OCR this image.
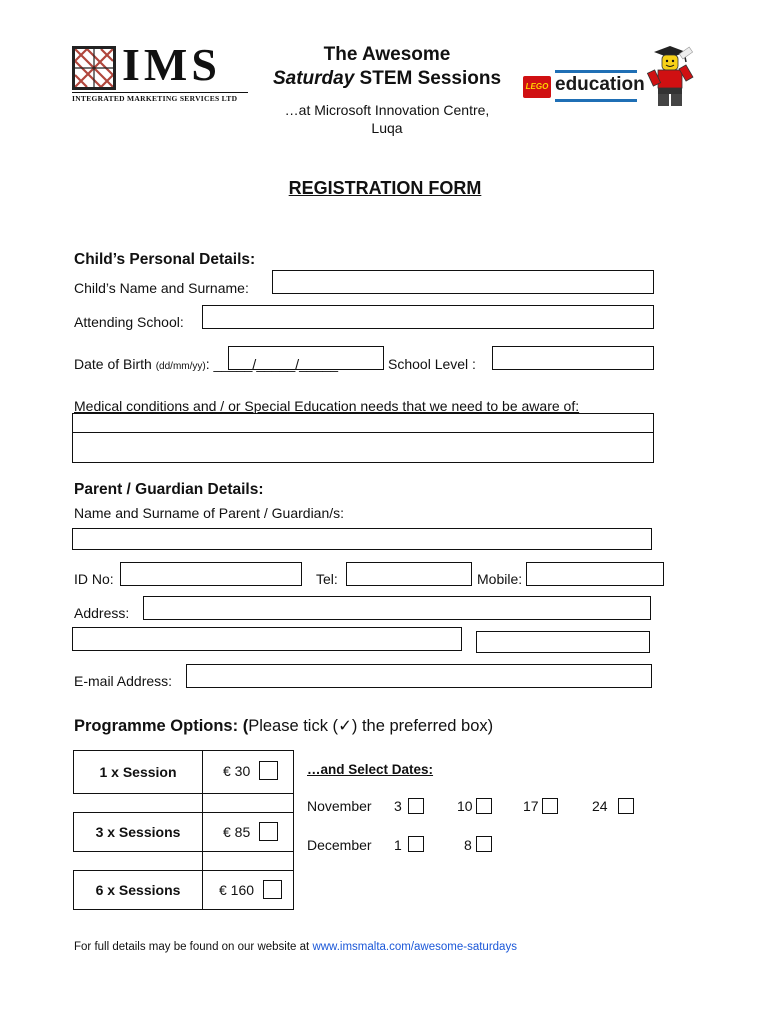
IMS
INTEGRATED MARKETING SERVICES LTD
The Awesome
Saturday STEM Sessions
…at Microsoft Innovation Centre,
Luqa
LEGO education
REGISTRATION FORM
Child’s Personal Details:
Child’s Name and Surname:
Attending School:
Date of Birth (dd/mm/yy): _____/_____/_____	School Level :
Medical conditions and / or Special Education needs that we need to be aware of:
Parent / Guardian Details:
Name and Surname of Parent / Guardian/s:
ID No:	Tel:	Mobile:
Address:
E-mail Address:
Programme Options: (Please tick (✓) the preferred box)
1 x Session	€ 30
3 x Sessions	€ 85
6 x Sessions	€ 160
…and Select Dates:
November 3	10	17	24
December 1	8
For full details may be found on our website at www.imsmalta.com/awesome-saturdays
